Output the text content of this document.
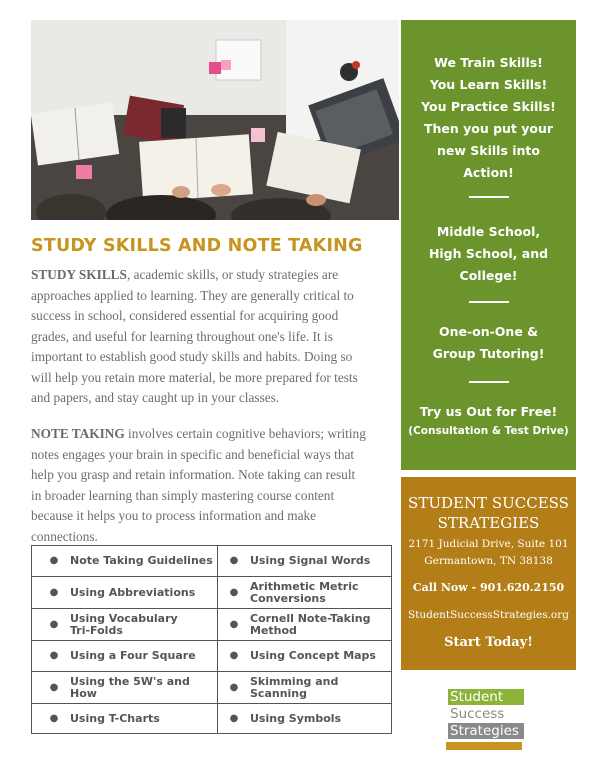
STUDY SKILLS AND NOTE TAKING

STUDY SKILLS, academic skills, or study strategies are
approaches applied to learning. They are generally critical to
success in school, considered essential for acquiring good
grades, and useful for learning throughout one's life. It is
important to establish good study skills and habits. Doing so
will help you retain more material, be more prepared for tests
and papers, and stay caught up in your classes.

NOTE TAKING involves certain cognitive behaviors; writing
notes engages your brain in specific and beneficial ways that
help you grasp and retain information. Note taking can result
in broader learning than simply mastering course content
because it helps you to process information and make
connections.

●	Note Taking Guidelines	●	Using Signal Words
●	Using Abbreviations	●	Arithmetic Metric Conversions
●	Using Vocabulary Tri-Folds	●	Cornell Note-Taking Method
●	Using a Four Square	●	Using Concept Maps
●	Using the 5W's and How	●	Skimming and Scanning
●	Using T-Charts	●	Using Symbols
We Train Skills!
You Learn Skills!
You Practice Skills!
Then you put your
new Skills into
Action!
Middle School,
High School, and
College!
One-on-One &
Group Tutoring!
Try us Out for Free!
(Consultation & Test Drive)
STUDENT SUCCESS
STRATEGIES
2171 Judicial Drive, Suite 101
Germantown, TN 38138
Call Now - 901.620.2150
StudentSuccessStrategies.org
Start Today!
Student
Success
Strategies
